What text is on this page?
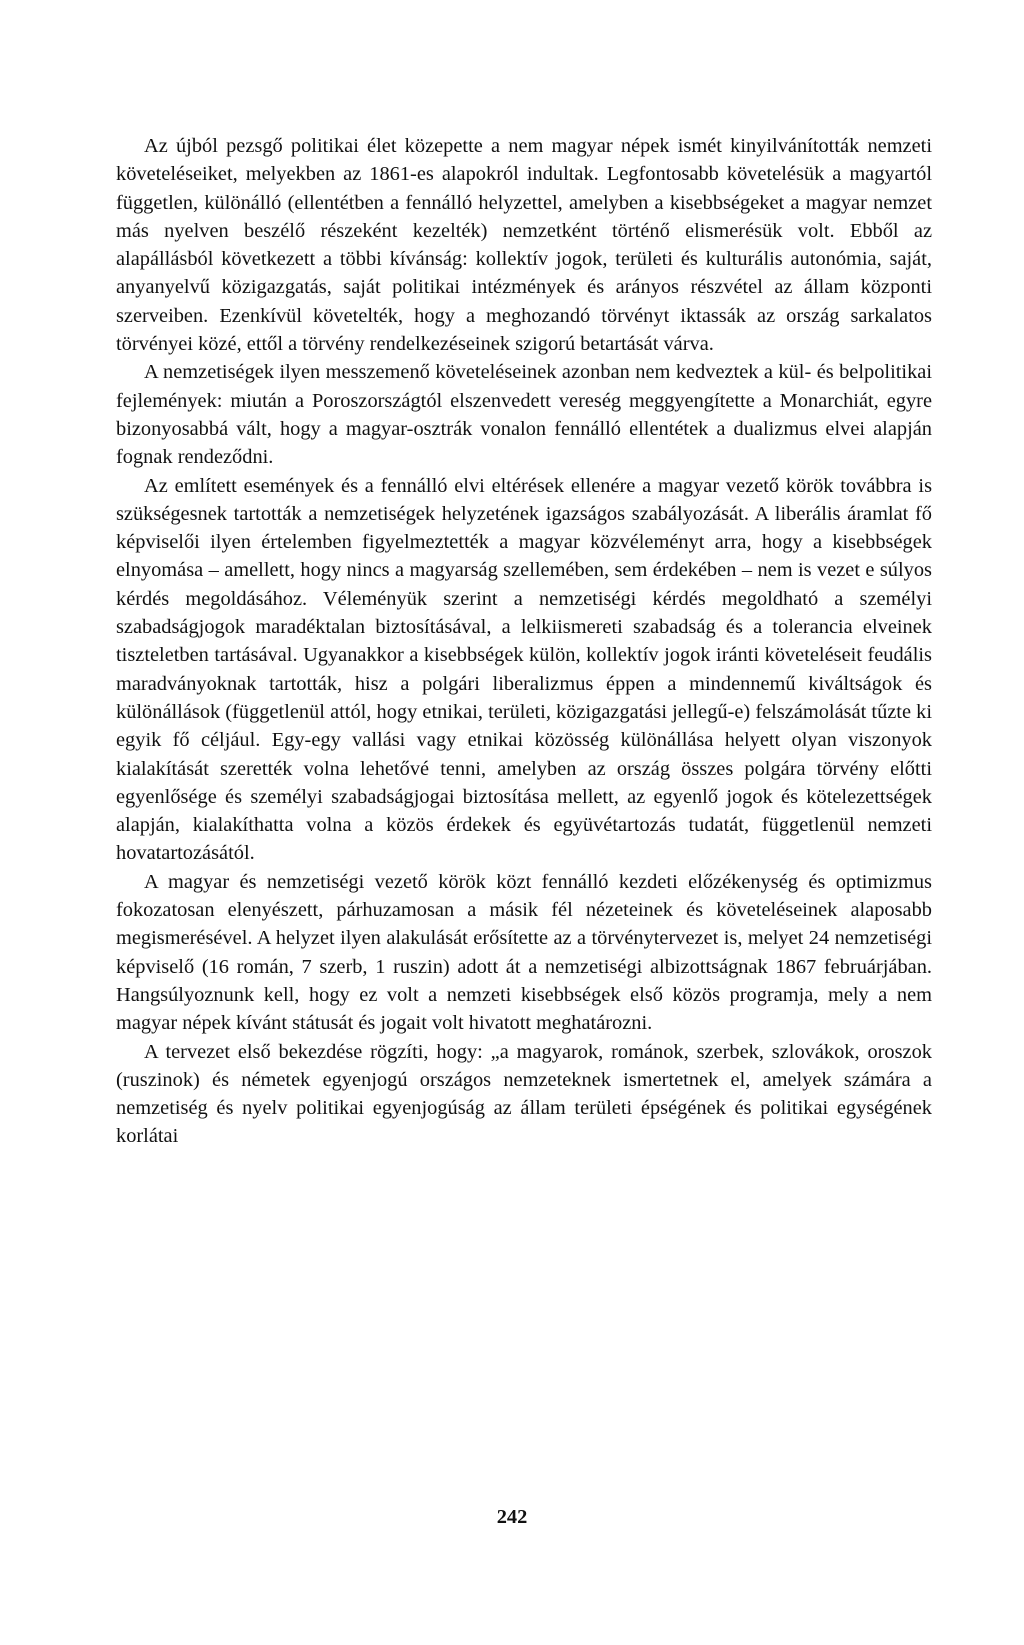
Az újból pezsgő politikai élet közepette a nem magyar népek ismét kinyilvánították nemzeti követeléseiket, melyekben az 1861-es alapokról indultak. Legfontosabb követelésük a magyartól független, különálló (ellentétben a fennálló helyzettel, amelyben a kisebbségeket a magyar nemzet más nyelven beszélő részeként kezelték) nemzetként történő elismerésük volt. Ebből az alapállásból következett a többi kívánság: kollektív jogok, területi és kulturális autonómia, saját, anyanyelvű közigazgatás, saját politikai intézmények és arányos részvétel az állam központi szerveiben. Ezenkívül követelték, hogy a meghozandó törvényt iktassák az ország sarkalatos törvényei közé, ettől a törvény rendelkezéseinek szigorú betartását várva.

A nemzetiségek ilyen messzemenő követeléseinek azonban nem kedveztek a kül- és belpolitikai fejlemények: miután a Poroszországtól elszenvedett vereség meggyengítette a Monarchiát, egyre bizonyosabbá vált, hogy a magyar-osztrák vonalon fennálló ellentétek a dualizmus elvei alapján fognak rendeződni.

Az említett események és a fennálló elvi eltérések ellenére a magyar vezető körök továbbra is szükségesnek tartották a nemzetiségek helyzetének igazságos szabályozását. A liberális áramlat fő képviselői ilyen értelemben figyelmeztették a magyar közvéleményt arra, hogy a kisebbségek elnyomása – amellett, hogy nincs a magyarság szellemében, sem érdekében – nem is vezet e súlyos kérdés megoldásához. Véleményük szerint a nemzetiségi kérdés megoldható a személyi szabadságjogok maradéktalan biztosításával, a lelkiismereti szabadság és a tolerancia elveinek tiszteletben tartásával. Ugyanakkor a kisebbségek külön, kollektív jogok iránti követeléseit feudális maradványoknak tartották, hisz a polgári liberalizmus éppen a mindennemű kiváltságok és különállások (függetlenül attól, hogy etnikai, területi, közigazgatási jellegű-e) felszámolását tűzte ki egyik fő céljául. Egy-egy vallási vagy etnikai közösség különállása helyett olyan viszonyok kialakítását szerették volna lehetővé tenni, amelyben az ország összes polgára törvény előtti egyenlősége és személyi szabadságjogai biztosítása mellett, az egyenlő jogok és kötelezettségek alapján, kialakíthatta volna a közös érdekek és együvétartozás tudatát, függetlenül nemzeti hovatartozásától.

A magyar és nemzetiségi vezető körök közt fennálló kezdeti előzékenység és optimizmus fokozatosan elenyészett, párhuzamosan a másik fél nézeteinek és követeléseinek alaposabb megismerésével. A helyzet ilyen alakulását erősítette az a törvénytervezet is, melyet 24 nemzetiségi képviselő (16 román, 7 szerb, 1 ruszin) adott át a nemzetiségi albizottságnak 1867 februárjában. Hangsúlyoznunk kell, hogy ez volt a nemzeti kisebbségek első közös programja, mely a nem magyar népek kívánt státusát és jogait volt hivatott meghatározni.

A tervezet első bekezdése rögzíti, hogy: „a magyarok, románok, szerbek, szlovákok, oroszok (ruszinok) és németek egyenjogú országos nemzeteknek ismertetnek el, amelyek számára a nemzetiség és nyelv politikai egyenjogúság az állam területi épségének és politikai egységének korlátai

242
